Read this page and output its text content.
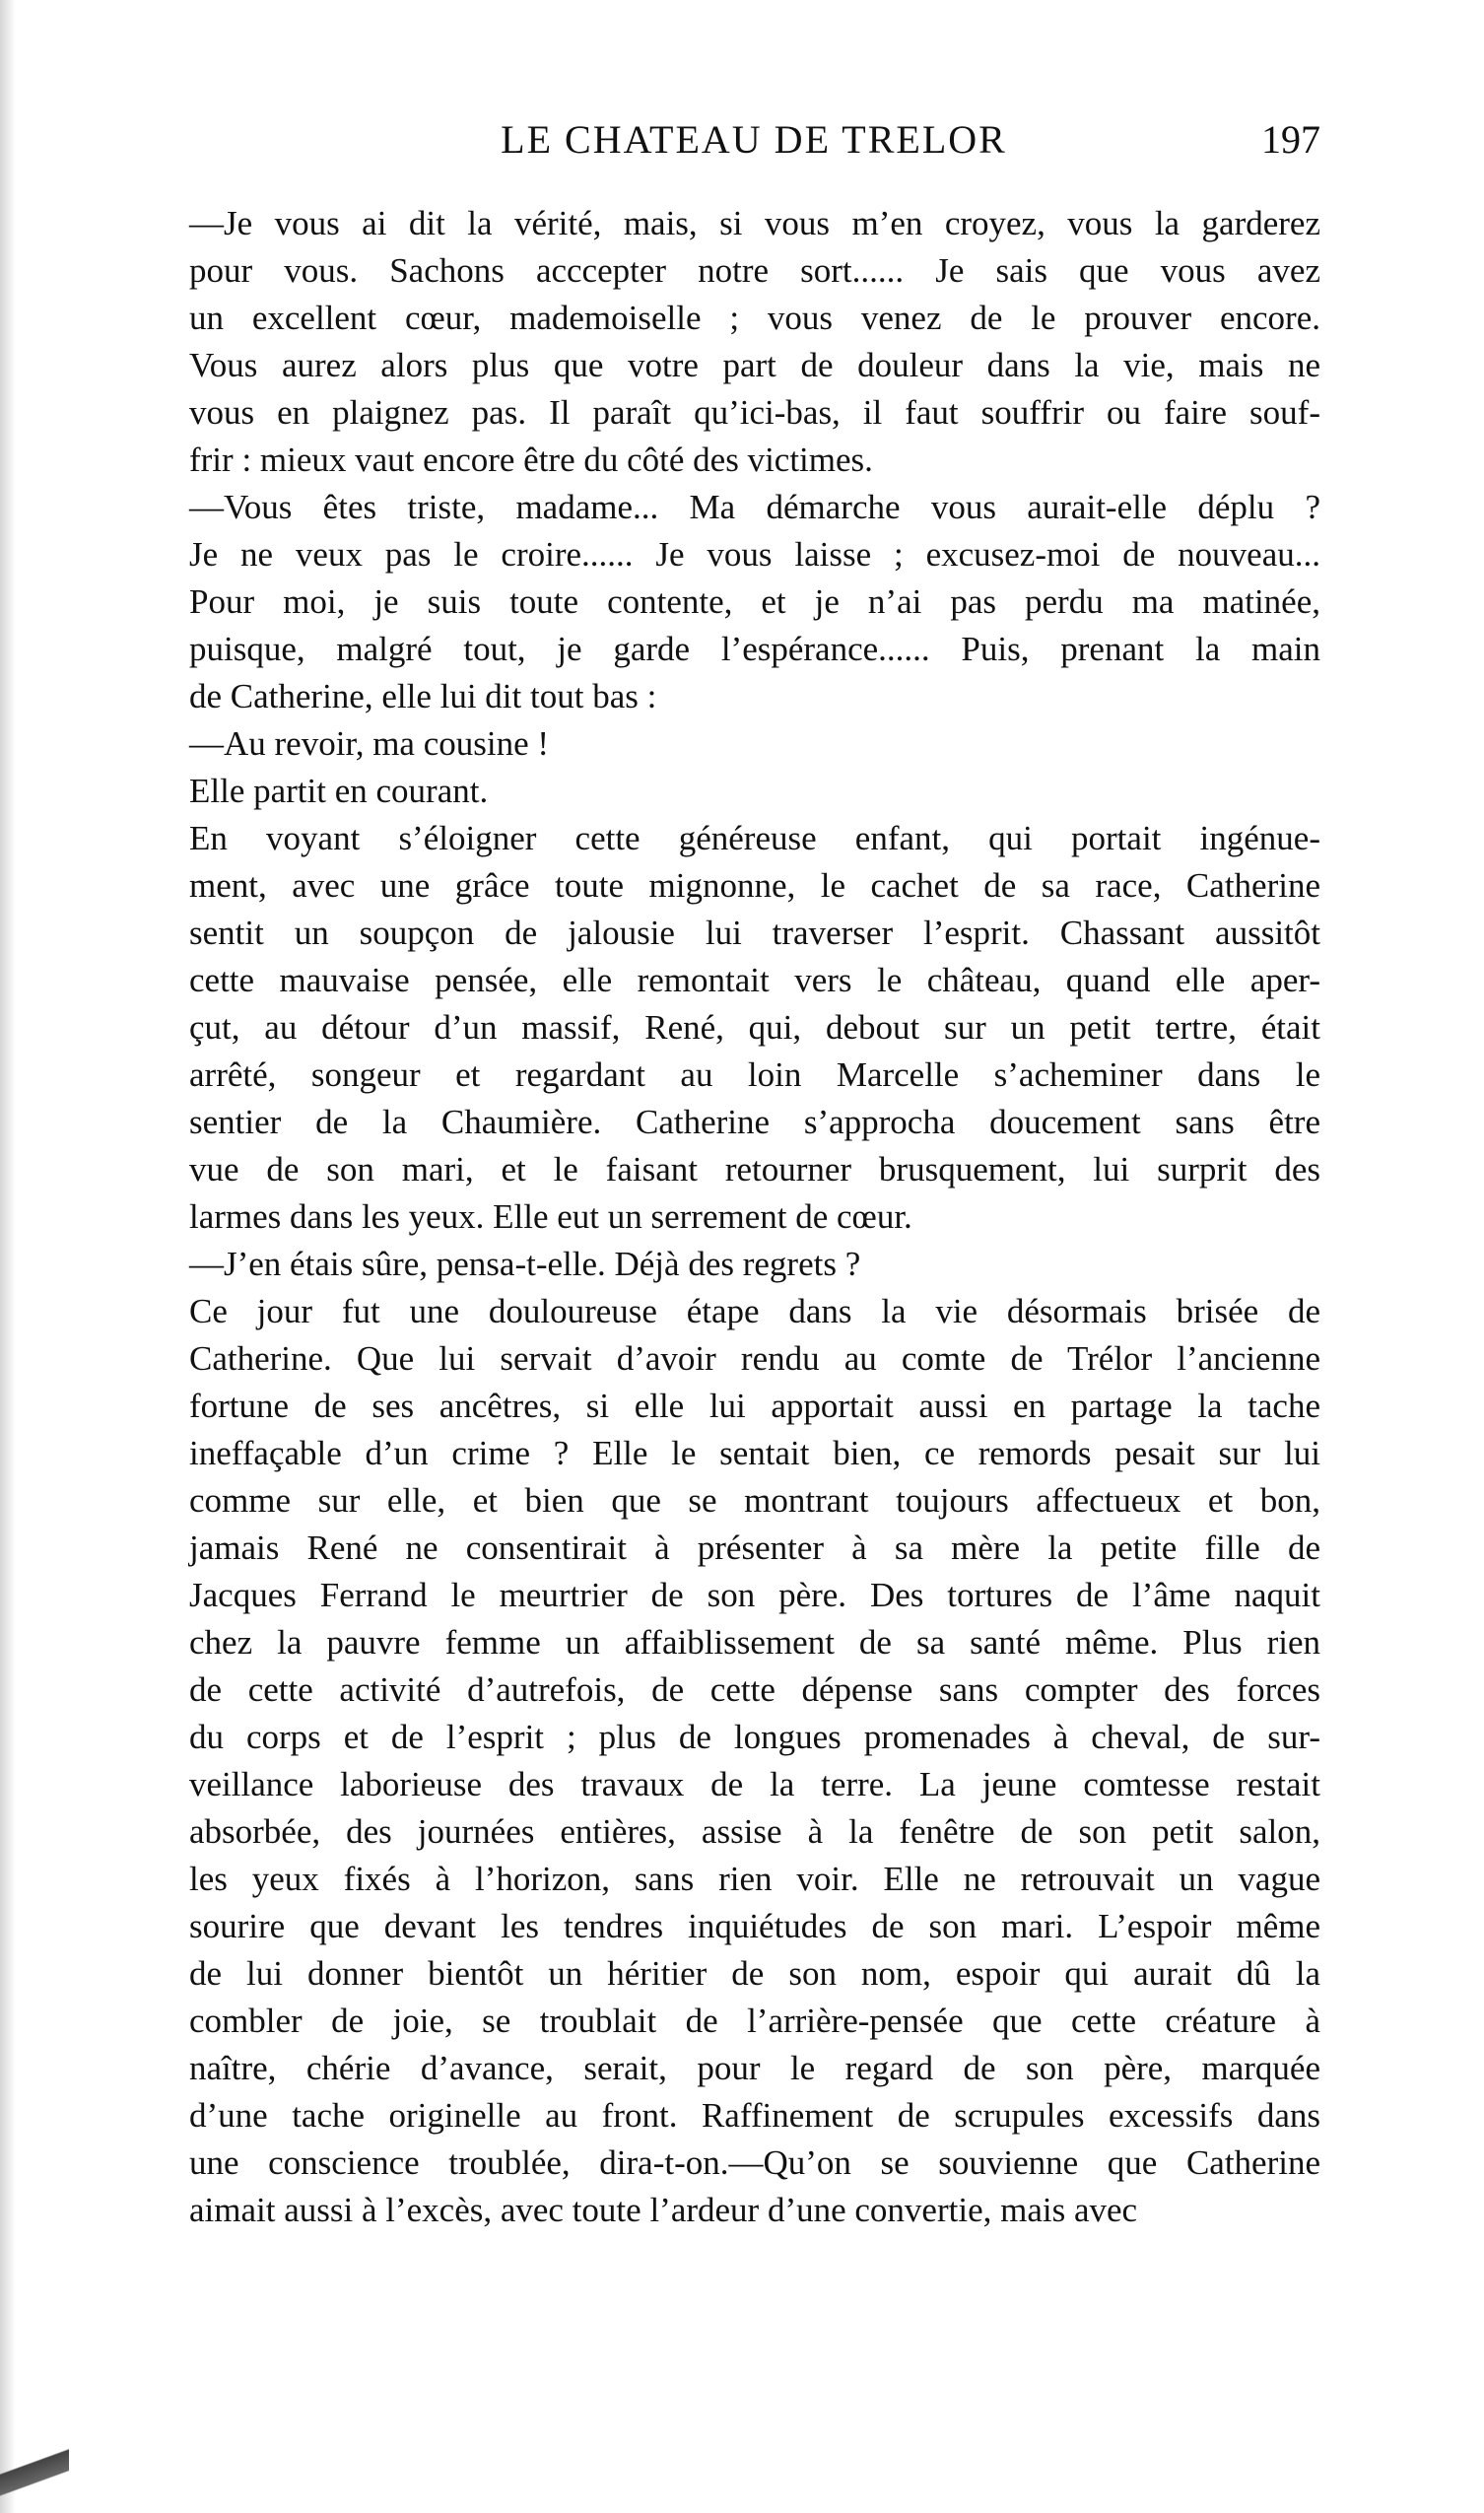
LE CHATEAU DE TRELOR	197
—Je vous ai dit la vérité, mais, si vous m’en croyez, vous la garderez
pour vous. Sachons acccepter notre sort...... Je sais que vous avez
un excellent cœur, mademoiselle ; vous venez de le prouver encore.
Vous aurez alors plus que votre part de douleur dans la vie, mais ne
vous en plaignez pas. Il paraît qu’ici-bas, il faut souffrir ou faire souf-
frir : mieux vaut encore être du côté des victimes.
—Vous êtes triste, madame... Ma démarche vous aurait-elle déplu ?
Je ne veux pas le croire...... Je vous laisse ; excusez-moi de nouveau...
Pour moi, je suis toute contente, et je n’ai pas perdu ma matinée,
puisque, malgré tout, je garde l’espérance...... Puis, prenant la main
de Catherine, elle lui dit tout bas :
—Au revoir, ma cousine !
Elle partit en courant.
En voyant s’éloigner cette généreuse enfant, qui portait ingénue-
ment, avec une grâce toute mignonne, le cachet de sa race, Catherine
sentit un soupçon de jalousie lui traverser l’esprit. Chassant aussitôt
cette mauvaise pensée, elle remontait vers le château, quand elle aper-
çut, au détour d’un massif, René, qui, debout sur un petit tertre, était
arrêté, songeur et regardant au loin Marcelle s’acheminer dans le
sentier de la Chaumière. Catherine s’approcha doucement sans être
vue de son mari, et le faisant retourner brusquement, lui surprit des
larmes dans les yeux. Elle eut un serrement de cœur.
—J’en étais sûre, pensa-t-elle. Déjà des regrets ?
Ce jour fut une douloureuse étape dans la vie désormais brisée de
Catherine. Que lui servait d’avoir rendu au comte de Trélor l’ancienne
fortune de ses ancêtres, si elle lui apportait aussi en partage la tache
ineffaçable d’un crime ? Elle le sentait bien, ce remords pesait sur lui
comme sur elle, et bien que se montrant toujours affectueux et bon,
jamais René ne consentirait à présenter à sa mère la petite fille de
Jacques Ferrand le meurtrier de son père. Des tortures de l’âme naquit
chez la pauvre femme un affaiblissement de sa santé même. Plus rien
de cette activité d’autrefois, de cette dépense sans compter des forces
du corps et de l’esprit ; plus de longues promenades à cheval, de sur-
veillance laborieuse des travaux de la terre. La jeune comtesse restait
absorbée, des journées entières, assise à la fenêtre de son petit salon,
les yeux fixés à l’horizon, sans rien voir. Elle ne retrouvait un vague
sourire que devant les tendres inquiétudes de son mari. L’espoir même
de lui donner bientôt un héritier de son nom, espoir qui aurait dû la
combler de joie, se troublait de l’arrière-pensée que cette créature à
naître, chérie d’avance, serait, pour le regard de son père, marquée
d’une tache originelle au front. Raffinement de scrupules excessifs dans
une conscience troublée, dira-t-on.—Qu’on se souvienne que Catherine
aimait aussi à l’excès, avec toute l’ardeur d’une convertie, mais avec
